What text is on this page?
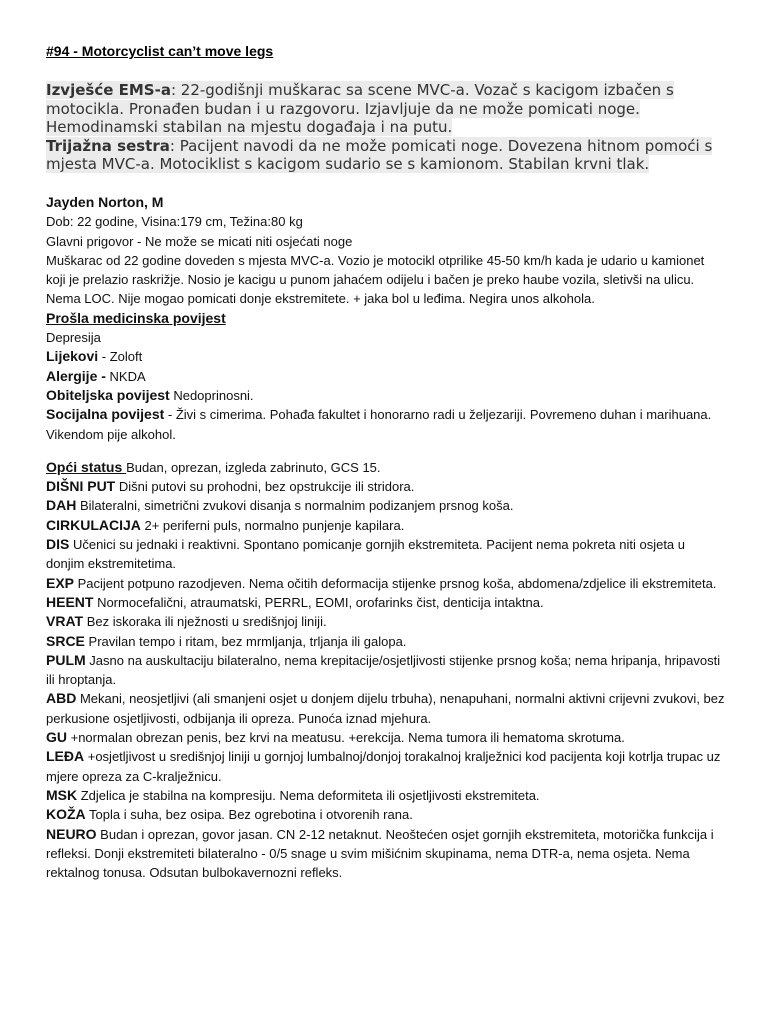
#94 - Motorcyclist can’t move legs
Izvješće EMS-a: 22-godišnji muškarac sa scene MVC-a. Vozač s kacigom izbačen s motocikla. Pronađen budan i u razgovoru. Izjavljuje da ne može pomicati noge. Hemodinamski stabilan na mjestu događaja i na putu.
Trijažna sestra: Pacijent navodi da ne može pomicati noge. Dovezena hitnom pomoći s mjesta MVC-a. Motociklist s kacigom sudario se s kamionom. Stabilan krvni tlak.

Jayden Norton, M

Dob: 22 godine, Visina:179 cm, Težina:80 kg

Glavni prigovor - Ne može se micati niti osjećati noge

Muškarac od 22 godine doveden s mjesta MVC-a. Vozio je motocikl otprilike 45-50 km/h kada je udario u kamionet koji je prelazio raskrižje. Nosio je kacigu u punom jahaćem odijelu i bačen je preko haube vozila, sletivši na ulicu. Nema LOC. Nije mogao pomicati donje ekstremitete. + jaka bol u leđima. Negira unos alkohola.

Prošla medicinska povijest

Depresija

Lijekovi - Zoloft

Alergije - NKDA

Obiteljska povijest Nedoprinosni.

Socijalna povijest - Živi s cimerima. Pohađa fakultet i honorarno radi u željezariji. Povremeno duhan i marihuana. Vikendom pije alkohol.

Opći status Budan, oprezan, izgleda zabrinuto, GCS 15.

DIŠNI PUT Dišni putovi su prohodni, bez opstrukcije ili stridora.

DAH Bilateralni, simetrični zvukovi disanja s normalnim podizanjem prsnog koša.

CIRKULACIJA 2+ periferni puls, normalno punjenje kapilara.

DIS Učenici su jednaki i reaktivni. Spontano pomicanje gornjih ekstremiteta. Pacijent nema pokreta niti osjeta u donjim ekstremitetima.

EXP Pacijent potpuno razodjeven. Nema očitih deformacija stijenke prsnog koša, abdomena/zdjelice ili ekstremiteta.

HEENT Normocefalični, atraumatski, PERRL, EOMI, orofarinks čist, denticija intaktna.

VRAT Bez iskoraka ili nježnosti u središnjoj liniji.

SRCE Pravilan tempo i ritam, bez mrmljanja, trljanja ili galopa.

PULM Jasno na auskultaciju bilateralno, nema krepitacije/osjetljivosti stijenke prsnog koša; nema hripanja, hripavosti ili hroptanja.

ABD Mekani, neosjetljivi (ali smanjeni osjet u donjem dijelu trbuha), nenapuhani, normalni aktivni crijevni zvukovi, bez perkusione osjetljivosti, odbijanja ili opreza. Punoća iznad mjehura.

GU +normalan obrezan penis, bez krvi na meatusu. +erekcija. Nema tumora ili hematoma skrotuma.

LEĐA +osjetljivost u središnjoj liniji u gornjoj lumbalnoj/donjoj torakalnoj kralježnici kod pacijenta koji kotrlja trupac uz mjere opreza za C-kralježnicu.

MSK Zdjelica je stabilna na kompresiju. Nema deformiteta ili osjetljivosti ekstremiteta.

KOŽA Topla i suha, bez osipa. Bez ogrebotina i otvorenih rana.

NEURO Budan i oprezan, govor jasan. CN 2-12 netaknut. Neoštećen osjet gornjih ekstremiteta, motorička funkcija i refleksi. Donji ekstremiteti bilateralno - 0/5 snage u svim mišićnim skupinama, nema DTR-a, nema osjeta. Nema rektalnog tonusa. Odsutan bulbokavernozni refleks.
